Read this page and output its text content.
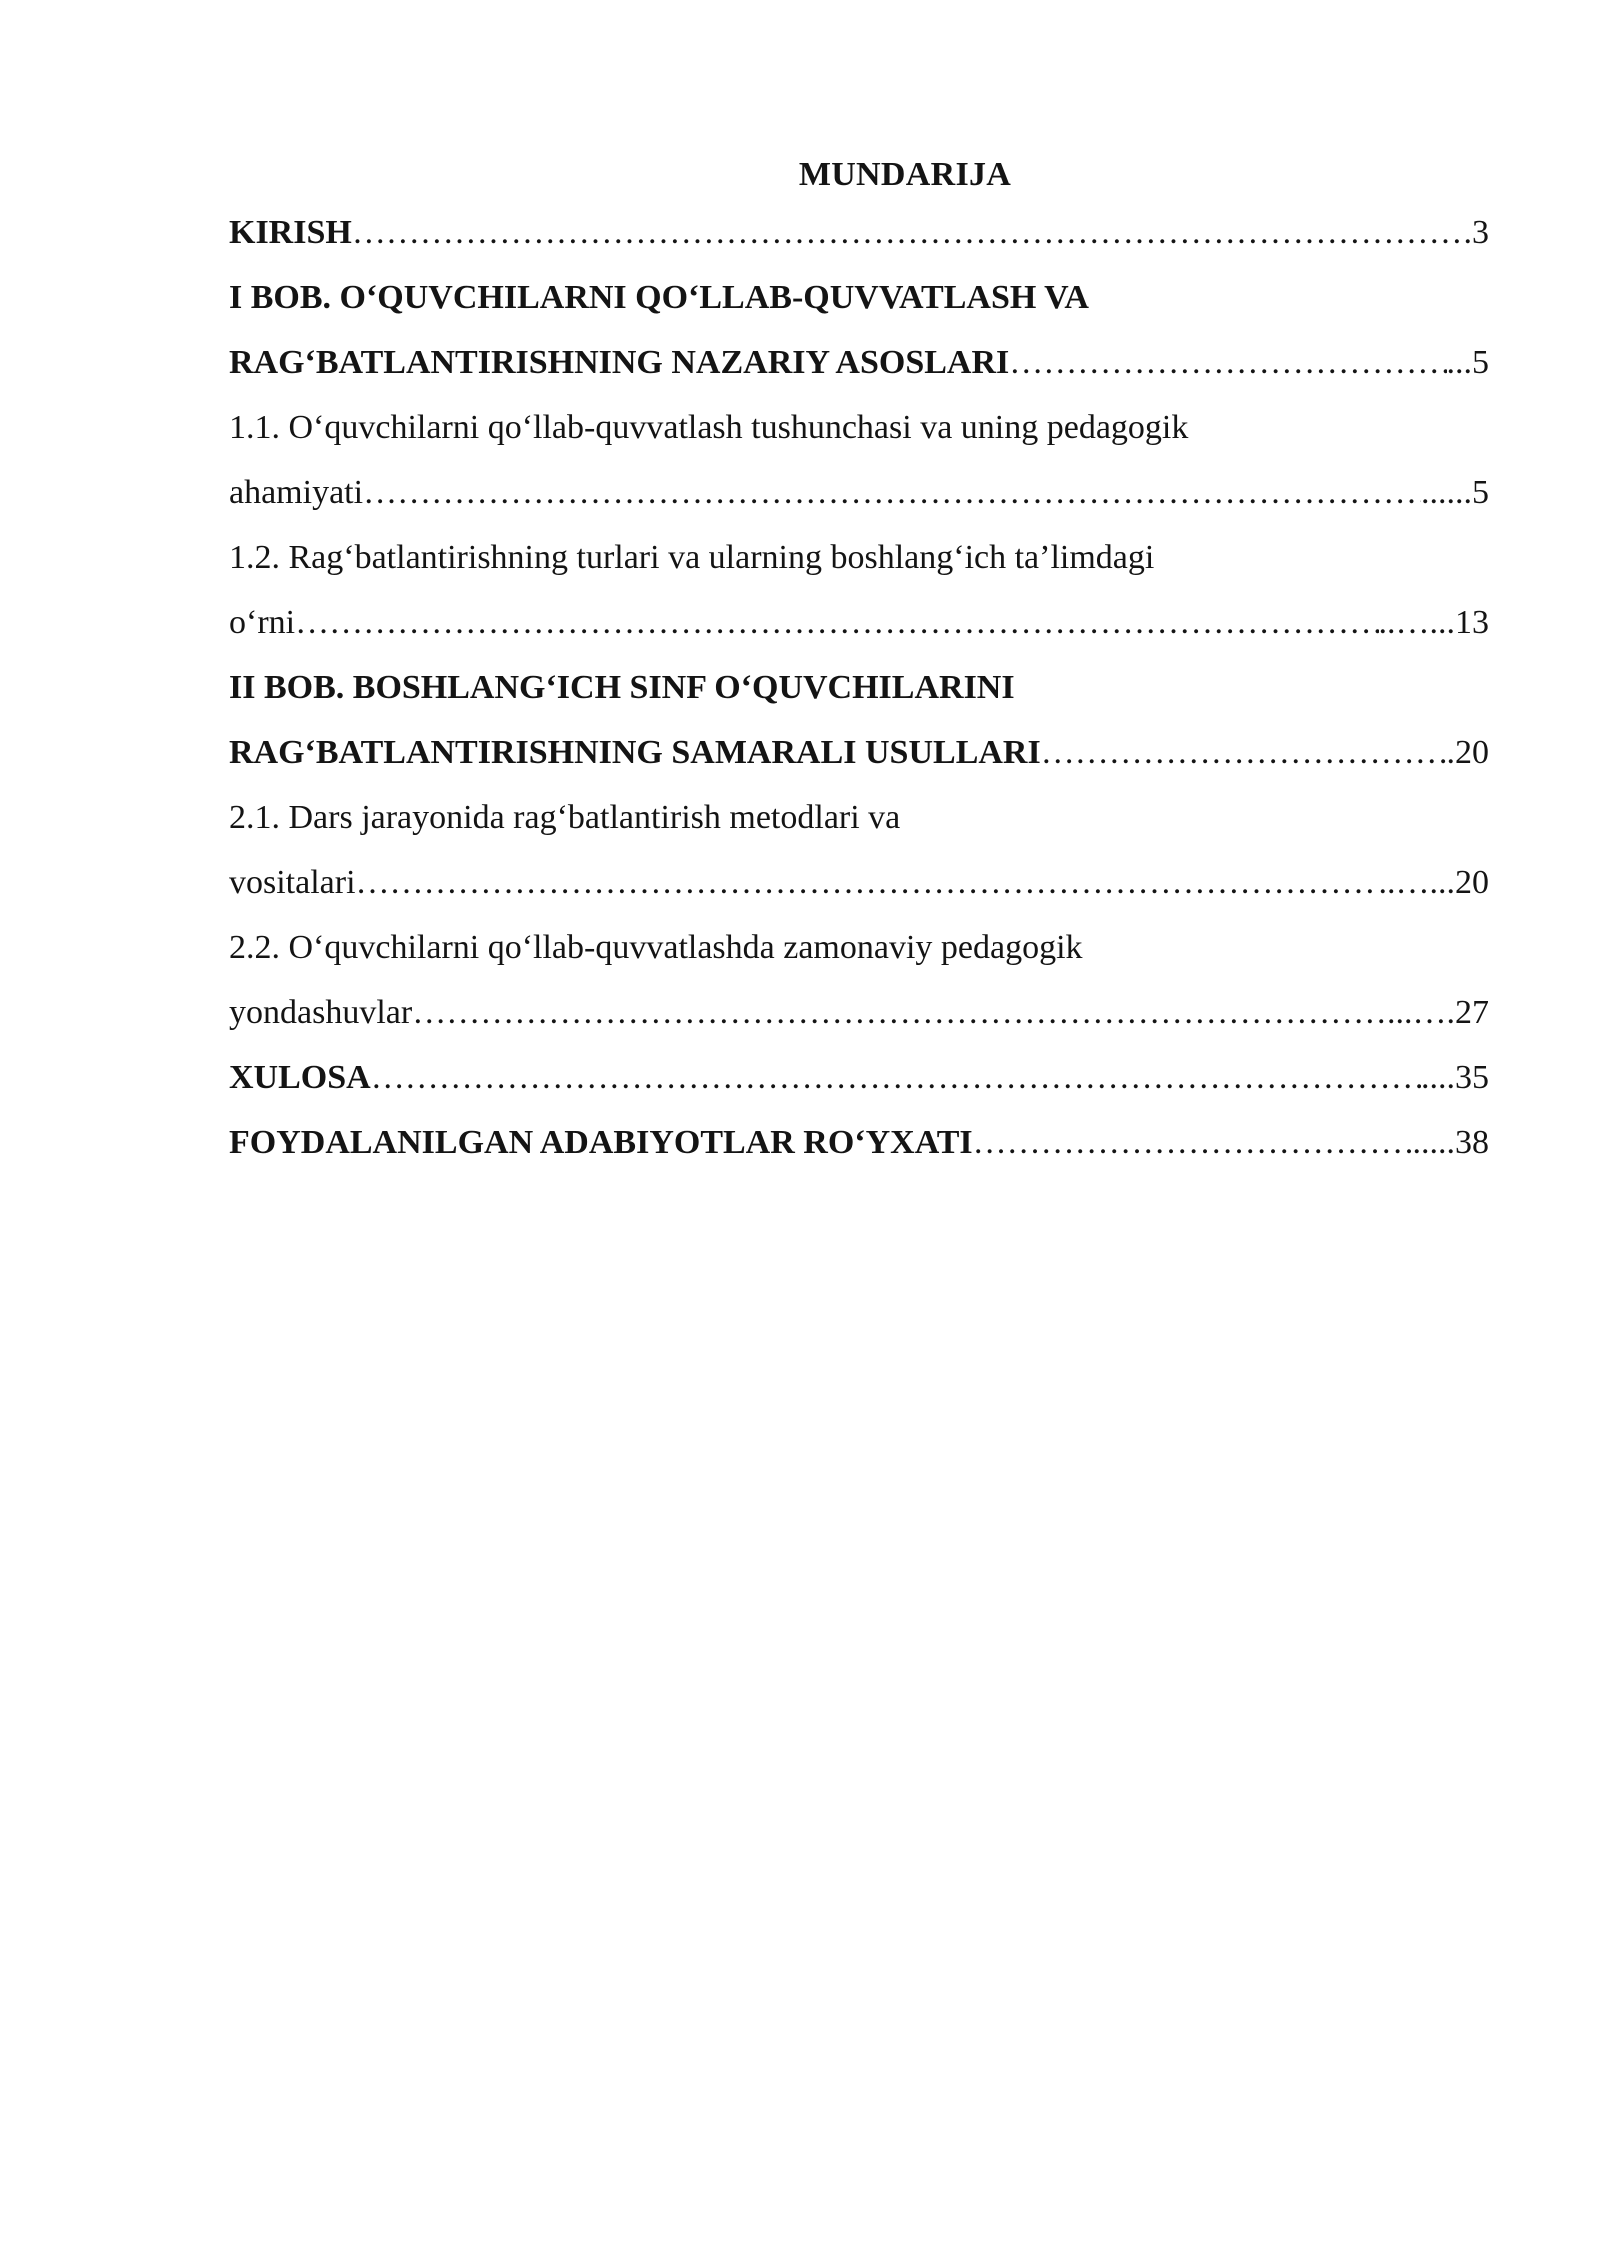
MUNDARIJA
KIRISH ……………………………………………………………………………………………………………………………………………………………………………………	.3
I BOB. O‘QUVCHILARNI QO‘LLAB-QUVVATLASH VA
RAG‘BATLANTIRISHNING NAZARIY ASOSLARI ……………………………………………………………………………………………………………………………………………………………………………………	...5
1.1. O‘quvchilarni qo‘llab-quvvatlash tushunchasi va uning pedagogik
ahamiyati ……………………………………………………………………………………………………………………………………………………………………………………	......5
1.2. Rag‘batlantirishning turlari va ularning boshlang‘ich ta’limdagi
o‘rni ……………………………………………………………………………………………………………………………………………………………………………………	..…...13
II BOB. BOSHLANG‘ICH SINF O‘QUVCHILARINI
RAG‘BATLANTIRISHNING SAMARALI USULLARI ……………………………………………………………………………………………………………………………………………………………………………………	.20
2.1. Dars jarayonida rag‘batlantirish metodlari va
vositalari ……………………………………………………………………………………………………………………………………………………………………………………	..…...20
2.2. O‘quvchilarni qo‘llab-quvvatlashda zamonaviy pedagogik
yondashuvlar ……………………………………………………………………………………………………………………………………………………………………………………	...….27
XULOSA ……………………………………………………………………………………………………………………………………………………………………………………	....35
FOYDALANILGAN ADABIYOTLAR RO‘YXATI ……………………………………………………………………………………………………………………………………………………………………………………	.....38
